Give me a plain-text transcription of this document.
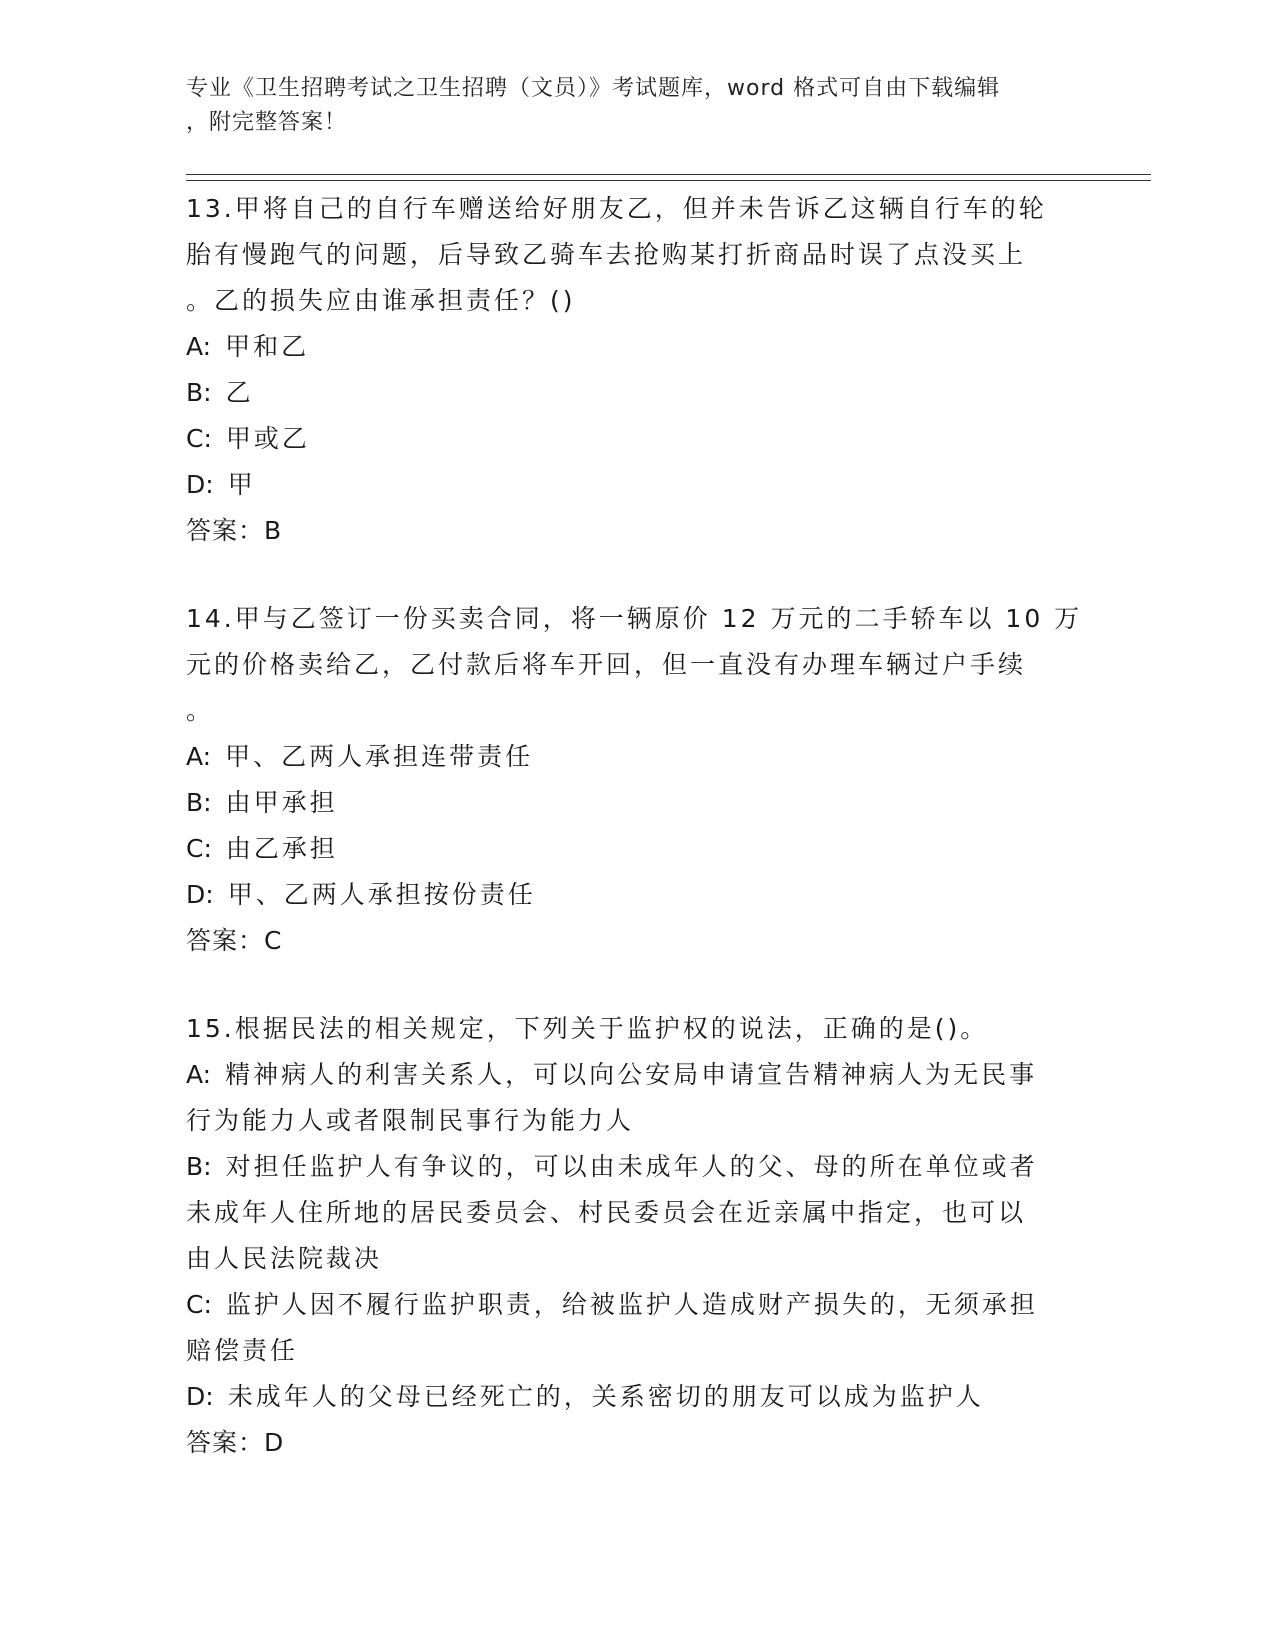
专业《卫生招聘考试之卫生招聘（文员）》考试题库，word 格式可自由下载编辑
，附完整答案！
13.甲将自己的自行车赠送给好朋友乙，但并未告诉乙这辆自行车的轮
胎有慢跑气的问题，后导致乙骑车去抢购某打折商品时误了点没买上
。乙的损失应由谁承担责任？()
A: 甲和乙
B: 乙
C: 甲或乙
D: 甲
答案：B
14.甲与乙签订一份买卖合同，将一辆原价 12 万元的二手轿车以 10 万
元的价格卖给乙，乙付款后将车开回，但一直没有办理车辆过户手续
。
A: 甲、乙两人承担连带责任
B: 由甲承担
C: 由乙承担
D: 甲、乙两人承担按份责任
答案：C
15.根据民法的相关规定，下列关于监护权的说法，正确的是()。
A: 精神病人的利害关系人，可以向公安局申请宣告精神病人为无民事
行为能力人或者限制民事行为能力人
B: 对担任监护人有争议的，可以由未成年人的父、母的所在单位或者
未成年人住所地的居民委员会、村民委员会在近亲属中指定，也可以
由人民法院裁决
C: 监护人因不履行监护职责，给被监护人造成财产损失的，无须承担
赔偿责任
D: 未成年人的父母已经死亡的，关系密切的朋友可以成为监护人
答案：D
